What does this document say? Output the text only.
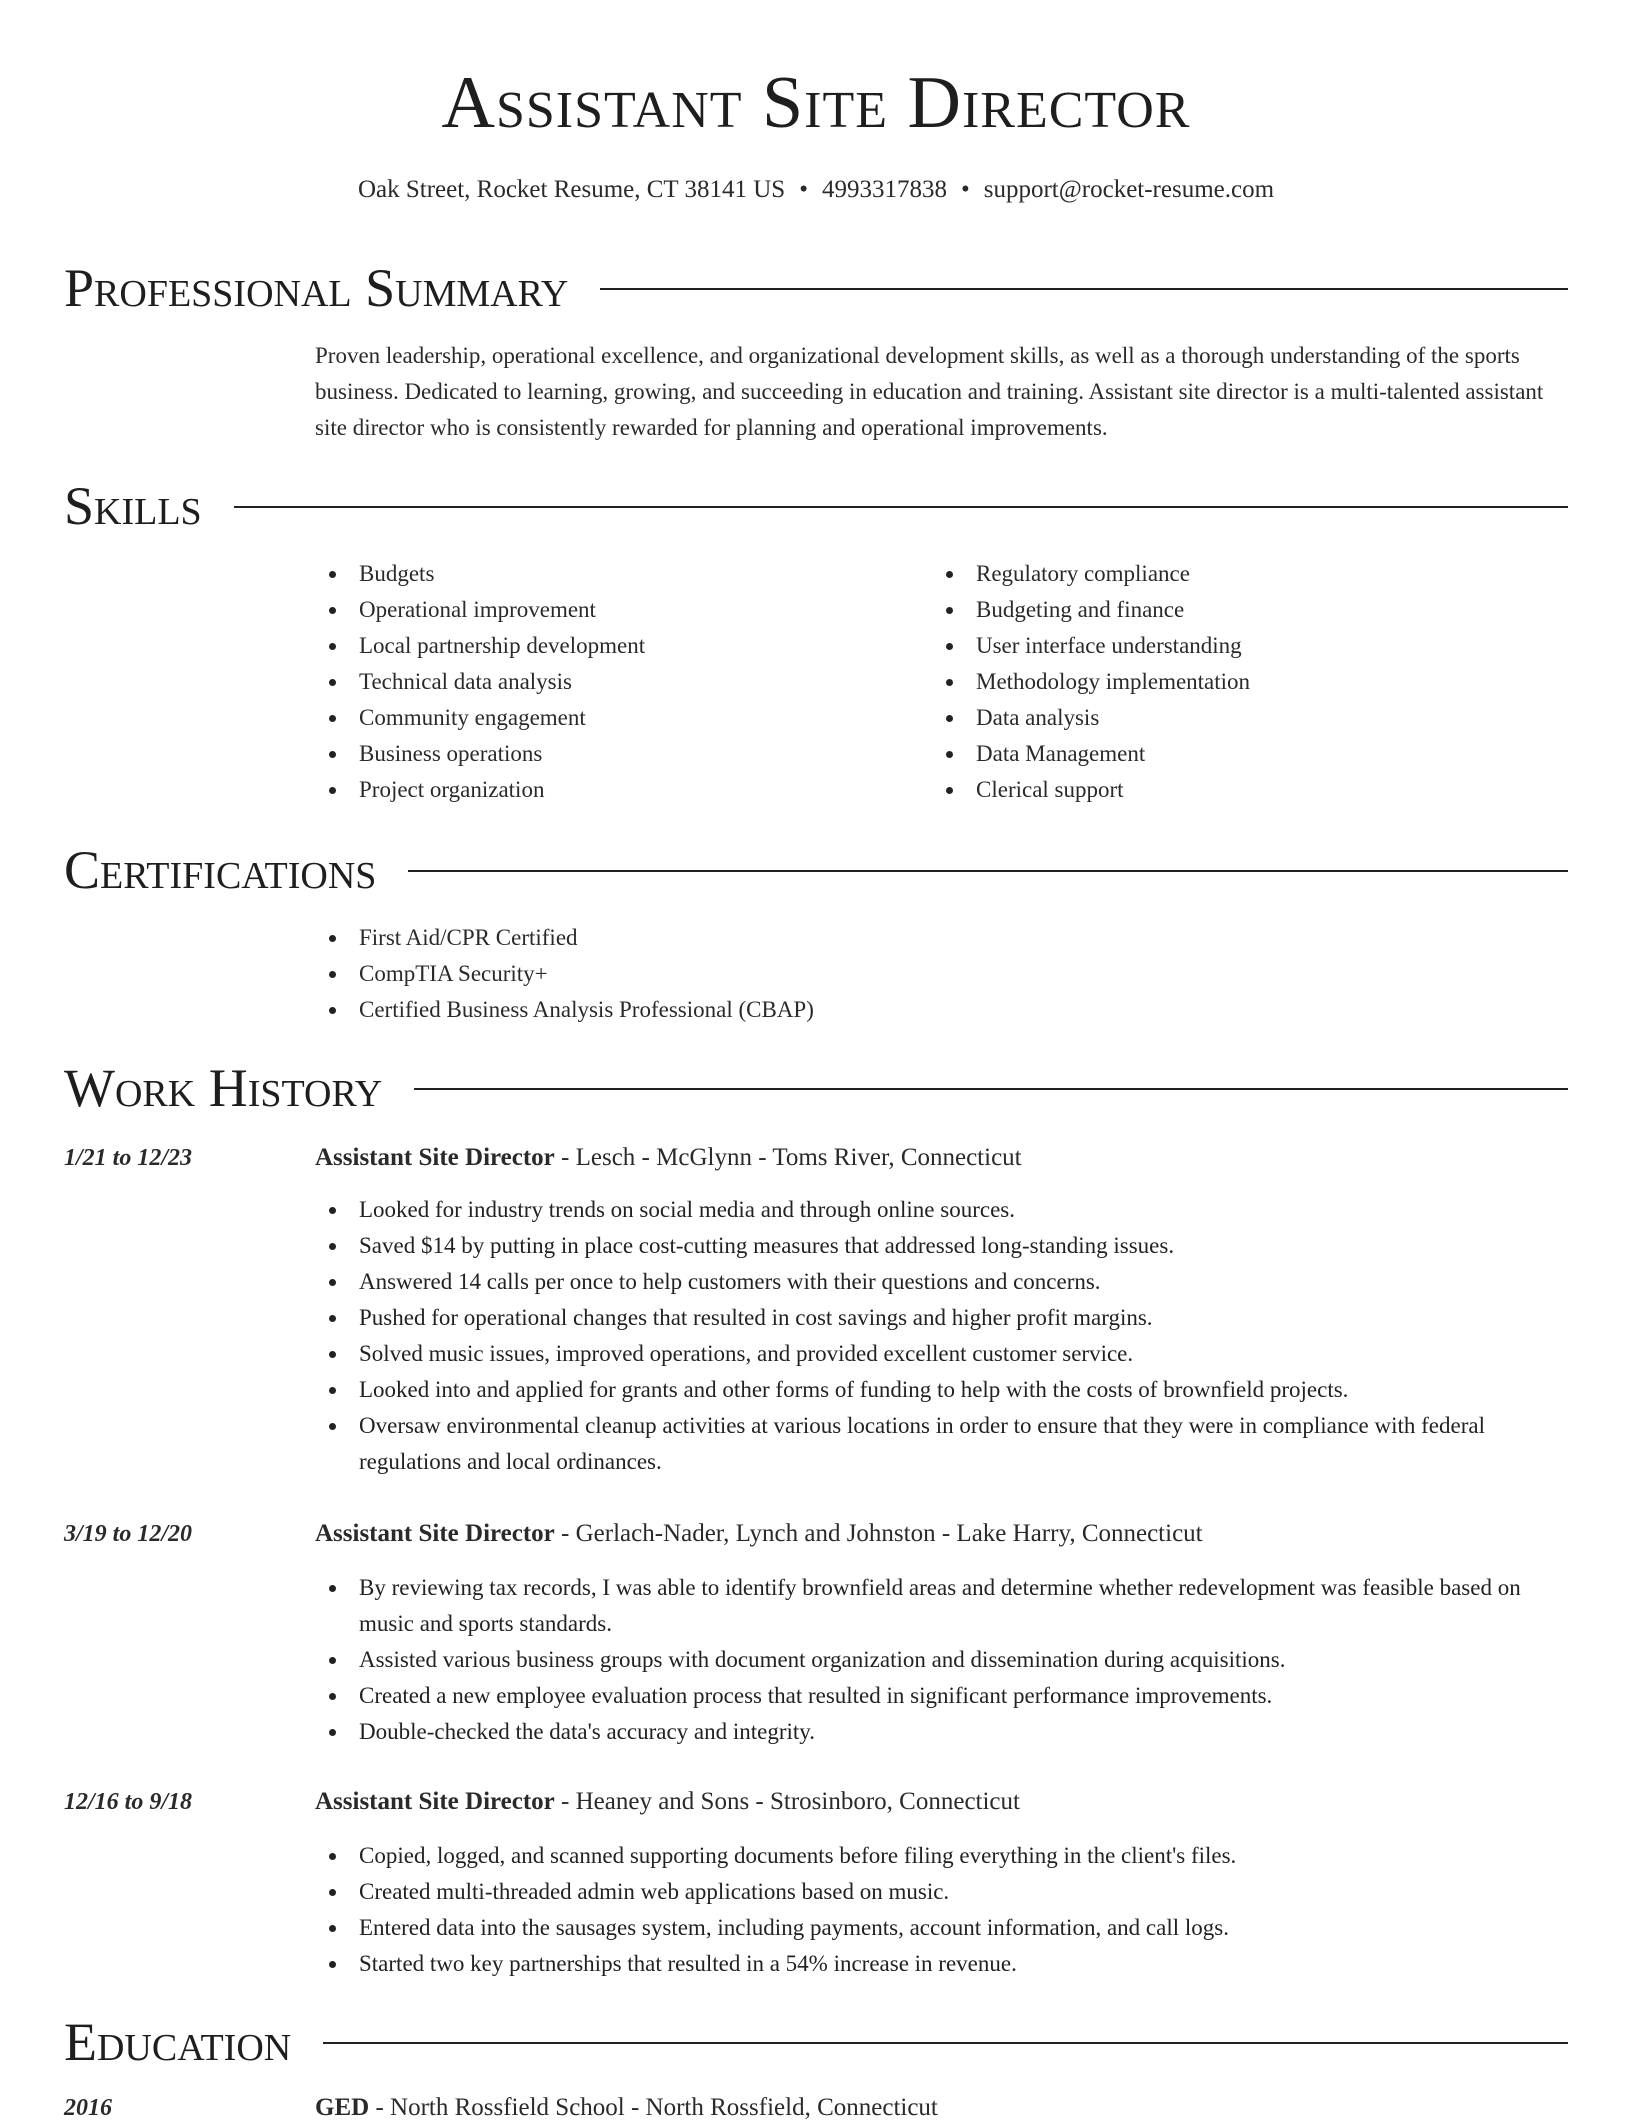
Assistant Site Director
Oak Street, Rocket Resume, CT 38141 US • 4993317838 • support@rocket-resume.com
Professional Summary
Proven leadership, operational excellence, and organizational development skills, as well as a thorough understanding of the sports business. Dedicated to learning, growing, and succeeding in education and training. Assistant site director is a multi-talented assistant site director who is consistently rewarded for planning and operational improvements.
Skills
Budgets
Operational improvement
Local partnership development
Technical data analysis
Community engagement
Business operations
Project organization
Regulatory compliance
Budgeting and finance
User interface understanding
Methodology implementation
Data analysis
Data Management
Clerical support
Certifications
First Aid/CPR Certified
CompTIA Security+
Certified Business Analysis Professional (CBAP)
Work History
1/21 to 12/23	Assistant Site Director - Lesch - McGlynn - Toms River, Connecticut
Looked for industry trends on social media and through online sources.
Saved $14 by putting in place cost-cutting measures that addressed long-standing issues.
Answered 14 calls per once to help customers with their questions and concerns.
Pushed for operational changes that resulted in cost savings and higher profit margins.
Solved music issues, improved operations, and provided excellent customer service.
Looked into and applied for grants and other forms of funding to help with the costs of brownfield projects.
Oversaw environmental cleanup activities at various locations in order to ensure that they were in compliance with federal regulations and local ordinances.
3/19 to 12/20	Assistant Site Director - Gerlach-Nader, Lynch and Johnston - Lake Harry, Connecticut
By reviewing tax records, I was able to identify brownfield areas and determine whether redevelopment was feasible based on music and sports standards.
Assisted various business groups with document organization and dissemination during acquisitions.
Created a new employee evaluation process that resulted in significant performance improvements.
Double-checked the data's accuracy and integrity.
12/16 to 9/18	Assistant Site Director - Heaney and Sons - Strosinboro, Connecticut
Copied, logged, and scanned supporting documents before filing everything in the client's files.
Created multi-threaded admin web applications based on music.
Entered data into the sausages system, including payments, account information, and call logs.
Started two key partnerships that resulted in a 54% increase in revenue.
Education
2016	GED - North Rossfield School - North Rossfield, Connecticut
